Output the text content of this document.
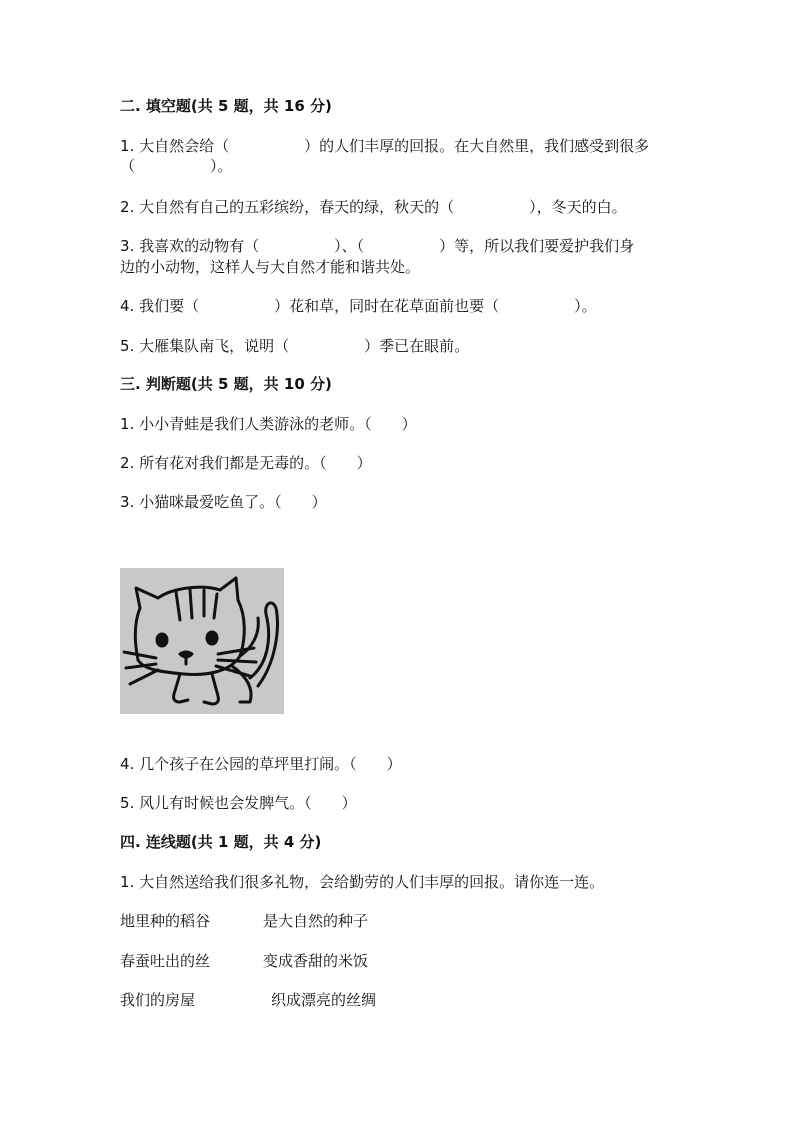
二. 填空题(共 5 题，共 16 分)
1. 大自然会给（　　　　　）的人们丰厚的回报。在大自然里，我们感受到很多
（　　　　　）。
2. 大自然有自己的五彩缤纷，春天的绿，秋天的（　　　　　），冬天的白。
3. 我喜欢的动物有（　　　　　）、（　　　　　）等，所以我们要爱护我们身
边的小动物，这样人与大自然才能和谐共处。
4. 我们要（　　　　　）花和草，同时在花草面前也要（　　　　　）。
5. 大雁集队南飞，说明（　　　　　）季已在眼前。
三. 判断题(共 5 题，共 10 分)
1. 小小青蛙是我们人类游泳的老师。（　　）
2. 所有花对我们都是无毒的。（　　）
3. 小猫咪最爱吃鱼了。（　　）
4. 几个孩子在公园的草坪里打闹。（　　）
5. 风儿有时候也会发脾气。（　　）
四. 连线题(共 1 题，共 4 分)
1. 大自然送给我们很多礼物，会给勤劳的人们丰厚的回报。请你连一连。
地里种的稻谷	是大自然的种子
春蚕吐出的丝	变成香甜的米饭
我们的房屋	织成漂亮的丝绸
